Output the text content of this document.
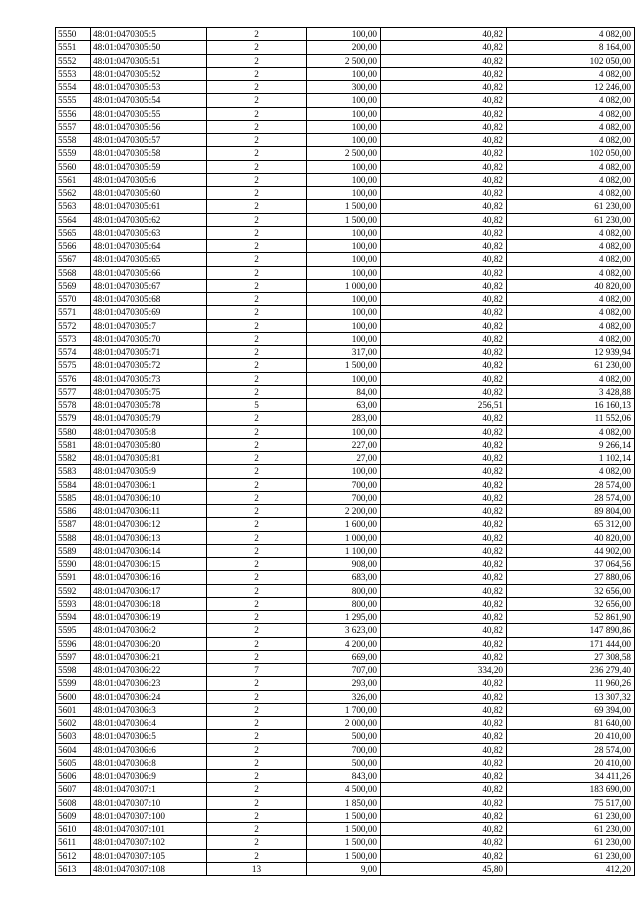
5550	48:01:0470305:5	2	100,00	40,82	4 082,00
5551	48:01:0470305:50	2	200,00	40,82	8 164,00
5552	48:01:0470305:51	2	2 500,00	40,82	102 050,00
5553	48:01:0470305:52	2	100,00	40,82	4 082,00
5554	48:01:0470305:53	2	300,00	40,82	12 246,00
5555	48:01:0470305:54	2	100,00	40,82	4 082,00
5556	48:01:0470305:55	2	100,00	40,82	4 082,00
5557	48:01:0470305:56	2	100,00	40,82	4 082,00
5558	48:01:0470305:57	2	100,00	40,82	4 082,00
5559	48:01:0470305:58	2	2 500,00	40,82	102 050,00
5560	48:01:0470305:59	2	100,00	40,82	4 082,00
5561	48:01:0470305:6	2	100,00	40,82	4 082,00
5562	48:01:0470305:60	2	100,00	40,82	4 082,00
5563	48:01:0470305:61	2	1 500,00	40,82	61 230,00
5564	48:01:0470305:62	2	1 500,00	40,82	61 230,00
5565	48:01:0470305:63	2	100,00	40,82	4 082,00
5566	48:01:0470305:64	2	100,00	40,82	4 082,00
5567	48:01:0470305:65	2	100,00	40,82	4 082,00
5568	48:01:0470305:66	2	100,00	40,82	4 082,00
5569	48:01:0470305:67	2	1 000,00	40,82	40 820,00
5570	48:01:0470305:68	2	100,00	40,82	4 082,00
5571	48:01:0470305:69	2	100,00	40,82	4 082,00
5572	48:01:0470305:7	2	100,00	40,82	4 082,00
5573	48:01:0470305:70	2	100,00	40,82	4 082,00
5574	48:01:0470305:71	2	317,00	40,82	12 939,94
5575	48:01:0470305:72	2	1 500,00	40,82	61 230,00
5576	48:01:0470305:73	2	100,00	40,82	4 082,00
5577	48:01:0470305:75	2	84,00	40,82	3 428,88
5578	48:01:0470305:78	5	63,00	256,51	16 160,13
5579	48:01:0470305:79	2	283,00	40,82	11 552,06
5580	48:01:0470305:8	2	100,00	40,82	4 082,00
5581	48:01:0470305:80	2	227,00	40,82	9 266,14
5582	48:01:0470305:81	2	27,00	40,82	1 102,14
5583	48:01:0470305:9	2	100,00	40,82	4 082,00
5584	48:01:0470306:1	2	700,00	40,82	28 574,00
5585	48:01:0470306:10	2	700,00	40,82	28 574,00
5586	48:01:0470306:11	2	2 200,00	40,82	89 804,00
5587	48:01:0470306:12	2	1 600,00	40,82	65 312,00
5588	48:01:0470306:13	2	1 000,00	40,82	40 820,00
5589	48:01:0470306:14	2	1 100,00	40,82	44 902,00
5590	48:01:0470306:15	2	908,00	40,82	37 064,56
5591	48:01:0470306:16	2	683,00	40,82	27 880,06
5592	48:01:0470306:17	2	800,00	40,82	32 656,00
5593	48:01:0470306:18	2	800,00	40,82	32 656,00
5594	48:01:0470306:19	2	1 295,00	40,82	52 861,90
5595	48:01:0470306:2	2	3 623,00	40,82	147 890,86
5596	48:01:0470306:20	2	4 200,00	40,82	171 444,00
5597	48:01:0470306:21	2	669,00	40,82	27 308,58
5598	48:01:0470306:22	7	707,00	334,20	236 279,40
5599	48:01:0470306:23	2	293,00	40,82	11 960,26
5600	48:01:0470306:24	2	326,00	40,82	13 307,32
5601	48:01:0470306:3	2	1 700,00	40,82	69 394,00
5602	48:01:0470306:4	2	2 000,00	40,82	81 640,00
5603	48:01:0470306:5	2	500,00	40,82	20 410,00
5604	48:01:0470306:6	2	700,00	40,82	28 574,00
5605	48:01:0470306:8	2	500,00	40,82	20 410,00
5606	48:01:0470306:9	2	843,00	40,82	34 411,26
5607	48:01:0470307:1	2	4 500,00	40,82	183 690,00
5608	48:01:0470307:10	2	1 850,00	40,82	75 517,00
5609	48:01:0470307:100	2	1 500,00	40,82	61 230,00
5610	48:01:0470307:101	2	1 500,00	40,82	61 230,00
5611	48:01:0470307:102	2	1 500,00	40,82	61 230,00
5612	48:01:0470307:105	2	1 500,00	40,82	61 230,00
5613	48:01:0470307:108	13	9,00	45,80	412,20
